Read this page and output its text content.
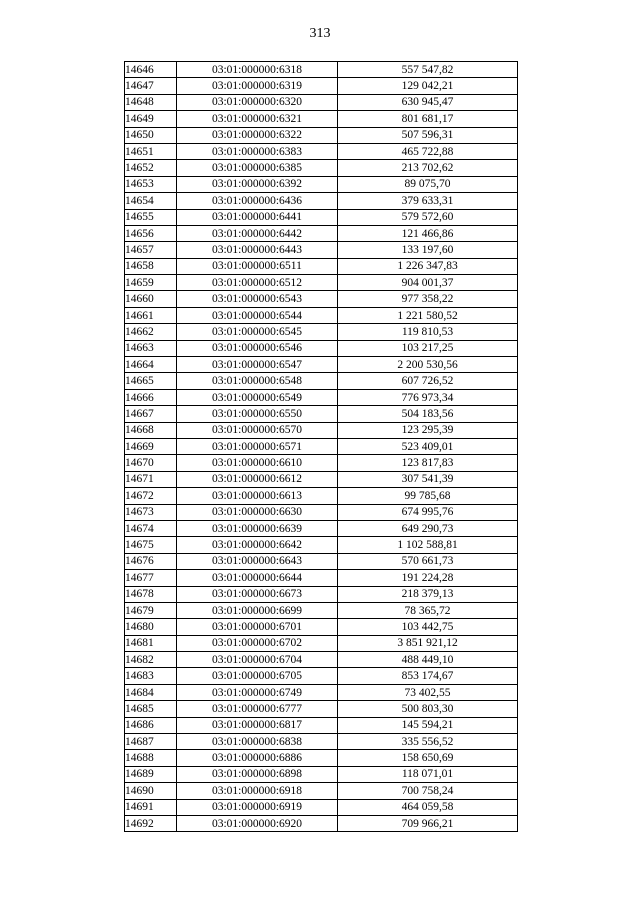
313
14646	03:01:000000:6318	557 547,82
14647	03:01:000000:6319	129 042,21
14648	03:01:000000:6320	630 945,47
14649	03:01:000000:6321	801 681,17
14650	03:01:000000:6322	507 596,31
14651	03:01:000000:6383	465 722,88
14652	03:01:000000:6385	213 702,62
14653	03:01:000000:6392	89 075,70
14654	03:01:000000:6436	379 633,31
14655	03:01:000000:6441	579 572,60
14656	03:01:000000:6442	121 466,86
14657	03:01:000000:6443	133 197,60
14658	03:01:000000:6511	1 226 347,83
14659	03:01:000000:6512	904 001,37
14660	03:01:000000:6543	977 358,22
14661	03:01:000000:6544	1 221 580,52
14662	03:01:000000:6545	119 810,53
14663	03:01:000000:6546	103 217,25
14664	03:01:000000:6547	2 200 530,56
14665	03:01:000000:6548	607 726,52
14666	03:01:000000:6549	776 973,34
14667	03:01:000000:6550	504 183,56
14668	03:01:000000:6570	123 295,39
14669	03:01:000000:6571	523 409,01
14670	03:01:000000:6610	123 817,83
14671	03:01:000000:6612	307 541,39
14672	03:01:000000:6613	99 785,68
14673	03:01:000000:6630	674 995,76
14674	03:01:000000:6639	649 290,73
14675	03:01:000000:6642	1 102 588,81
14676	03:01:000000:6643	570 661,73
14677	03:01:000000:6644	191 224,28
14678	03:01:000000:6673	218 379,13
14679	03:01:000000:6699	78 365,72
14680	03:01:000000:6701	103 442,75
14681	03:01:000000:6702	3 851 921,12
14682	03:01:000000:6704	488 449,10
14683	03:01:000000:6705	853 174,67
14684	03:01:000000:6749	73 402,55
14685	03:01:000000:6777	500 803,30
14686	03:01:000000:6817	145 594,21
14687	03:01:000000:6838	335 556,52
14688	03:01:000000:6886	158 650,69
14689	03:01:000000:6898	118 071,01
14690	03:01:000000:6918	700 758,24
14691	03:01:000000:6919	464 059,58
14692	03:01:000000:6920	709 966,21
